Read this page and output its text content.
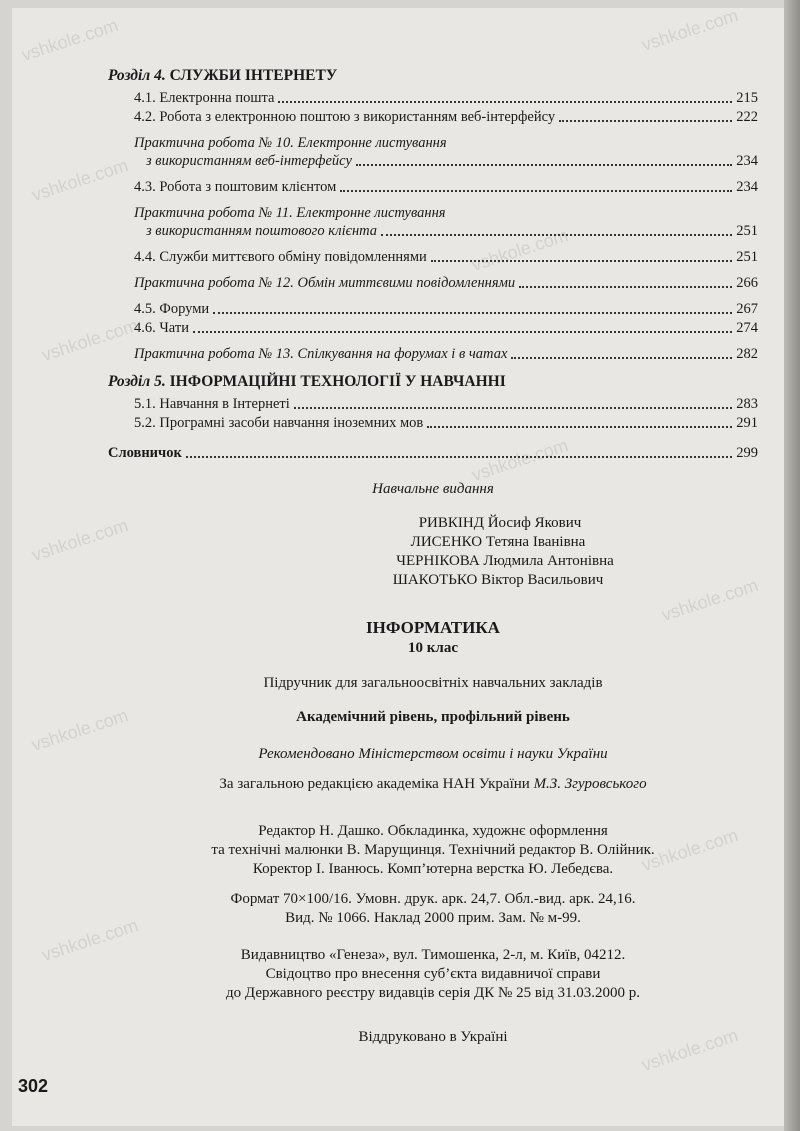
vshkole.com	vshkole.com
vshkole.com
vshkole.com
vshkole.com
vshkole.com
vshkole.com
vshkole.com
vshkole.com
vshkole.com
vshkole.com
vshkole.com
Розділ 4. СЛУЖБИ ІНТЕРНЕТУ
4.1. Електронна пошта	215
4.2. Робота з електронною поштою з використанням веб-інтерфейсу	222
Практична робота № 10. Електронне листування
з використанням веб-інтерфейсу	234
4.3. Робота з поштовим клієнтом	234
Практична робота № 11. Електронне листування
з використанням поштового клієнта	251
4.4. Служби миттєвого обміну повідомленнями	251
Практична робота № 12. Обмін миттєвими повідомленнями	266
4.5. Форуми	267
4.6. Чати	274
Практична робота № 13. Спілкування на форумах і в чатах	282
Розділ 5. ІНФОРМАЦІЙНІ ТЕХНОЛОГІЇ У НАВЧАННІ
5.1. Навчання в Інтернеті	283
5.2. Програмні засоби навчання іноземних мов	291
Словничок	299
Навчальне видання
РИВКІНД Йосиф Якович
ЛИСЕНКО Тетяна Іванівна
ЧЕРНІКОВА Людмила Антонівна
ШАКОТЬКО Віктор Васильович
ІНФОРМАТИКА
10 клас
Підручник для загальноосвітніх навчальних закладів
Академічний рівень, профільний рівень
Рекомендовано Міністерством освіти і науки України
За загальною редакцією академіка НАН України М.З. Згуровського
Редактор Н. Дашко. Обкладинка, художнє оформлення
та технічні малюнки В. Марущинця. Технічний редактор В. Олійник.
Коректор І. Іванюсь. Комп’ютерна верстка Ю. Лебедєва.
Формат 70×100/16. Умовн. друк. арк. 24,7. Обл.-вид. арк. 24,16.
Вид. № 1066. Наклад 2000 прим. Зам. № м-99.
Видавництво «Генеза», вул. Тимошенка, 2-л, м. Київ, 04212.
Свідоцтво про внесення суб’єкта видавничої справи
до Державного реєстру видавців серія ДК № 25 від 31.03.2000 р.
Віддруковано в Україні
302
